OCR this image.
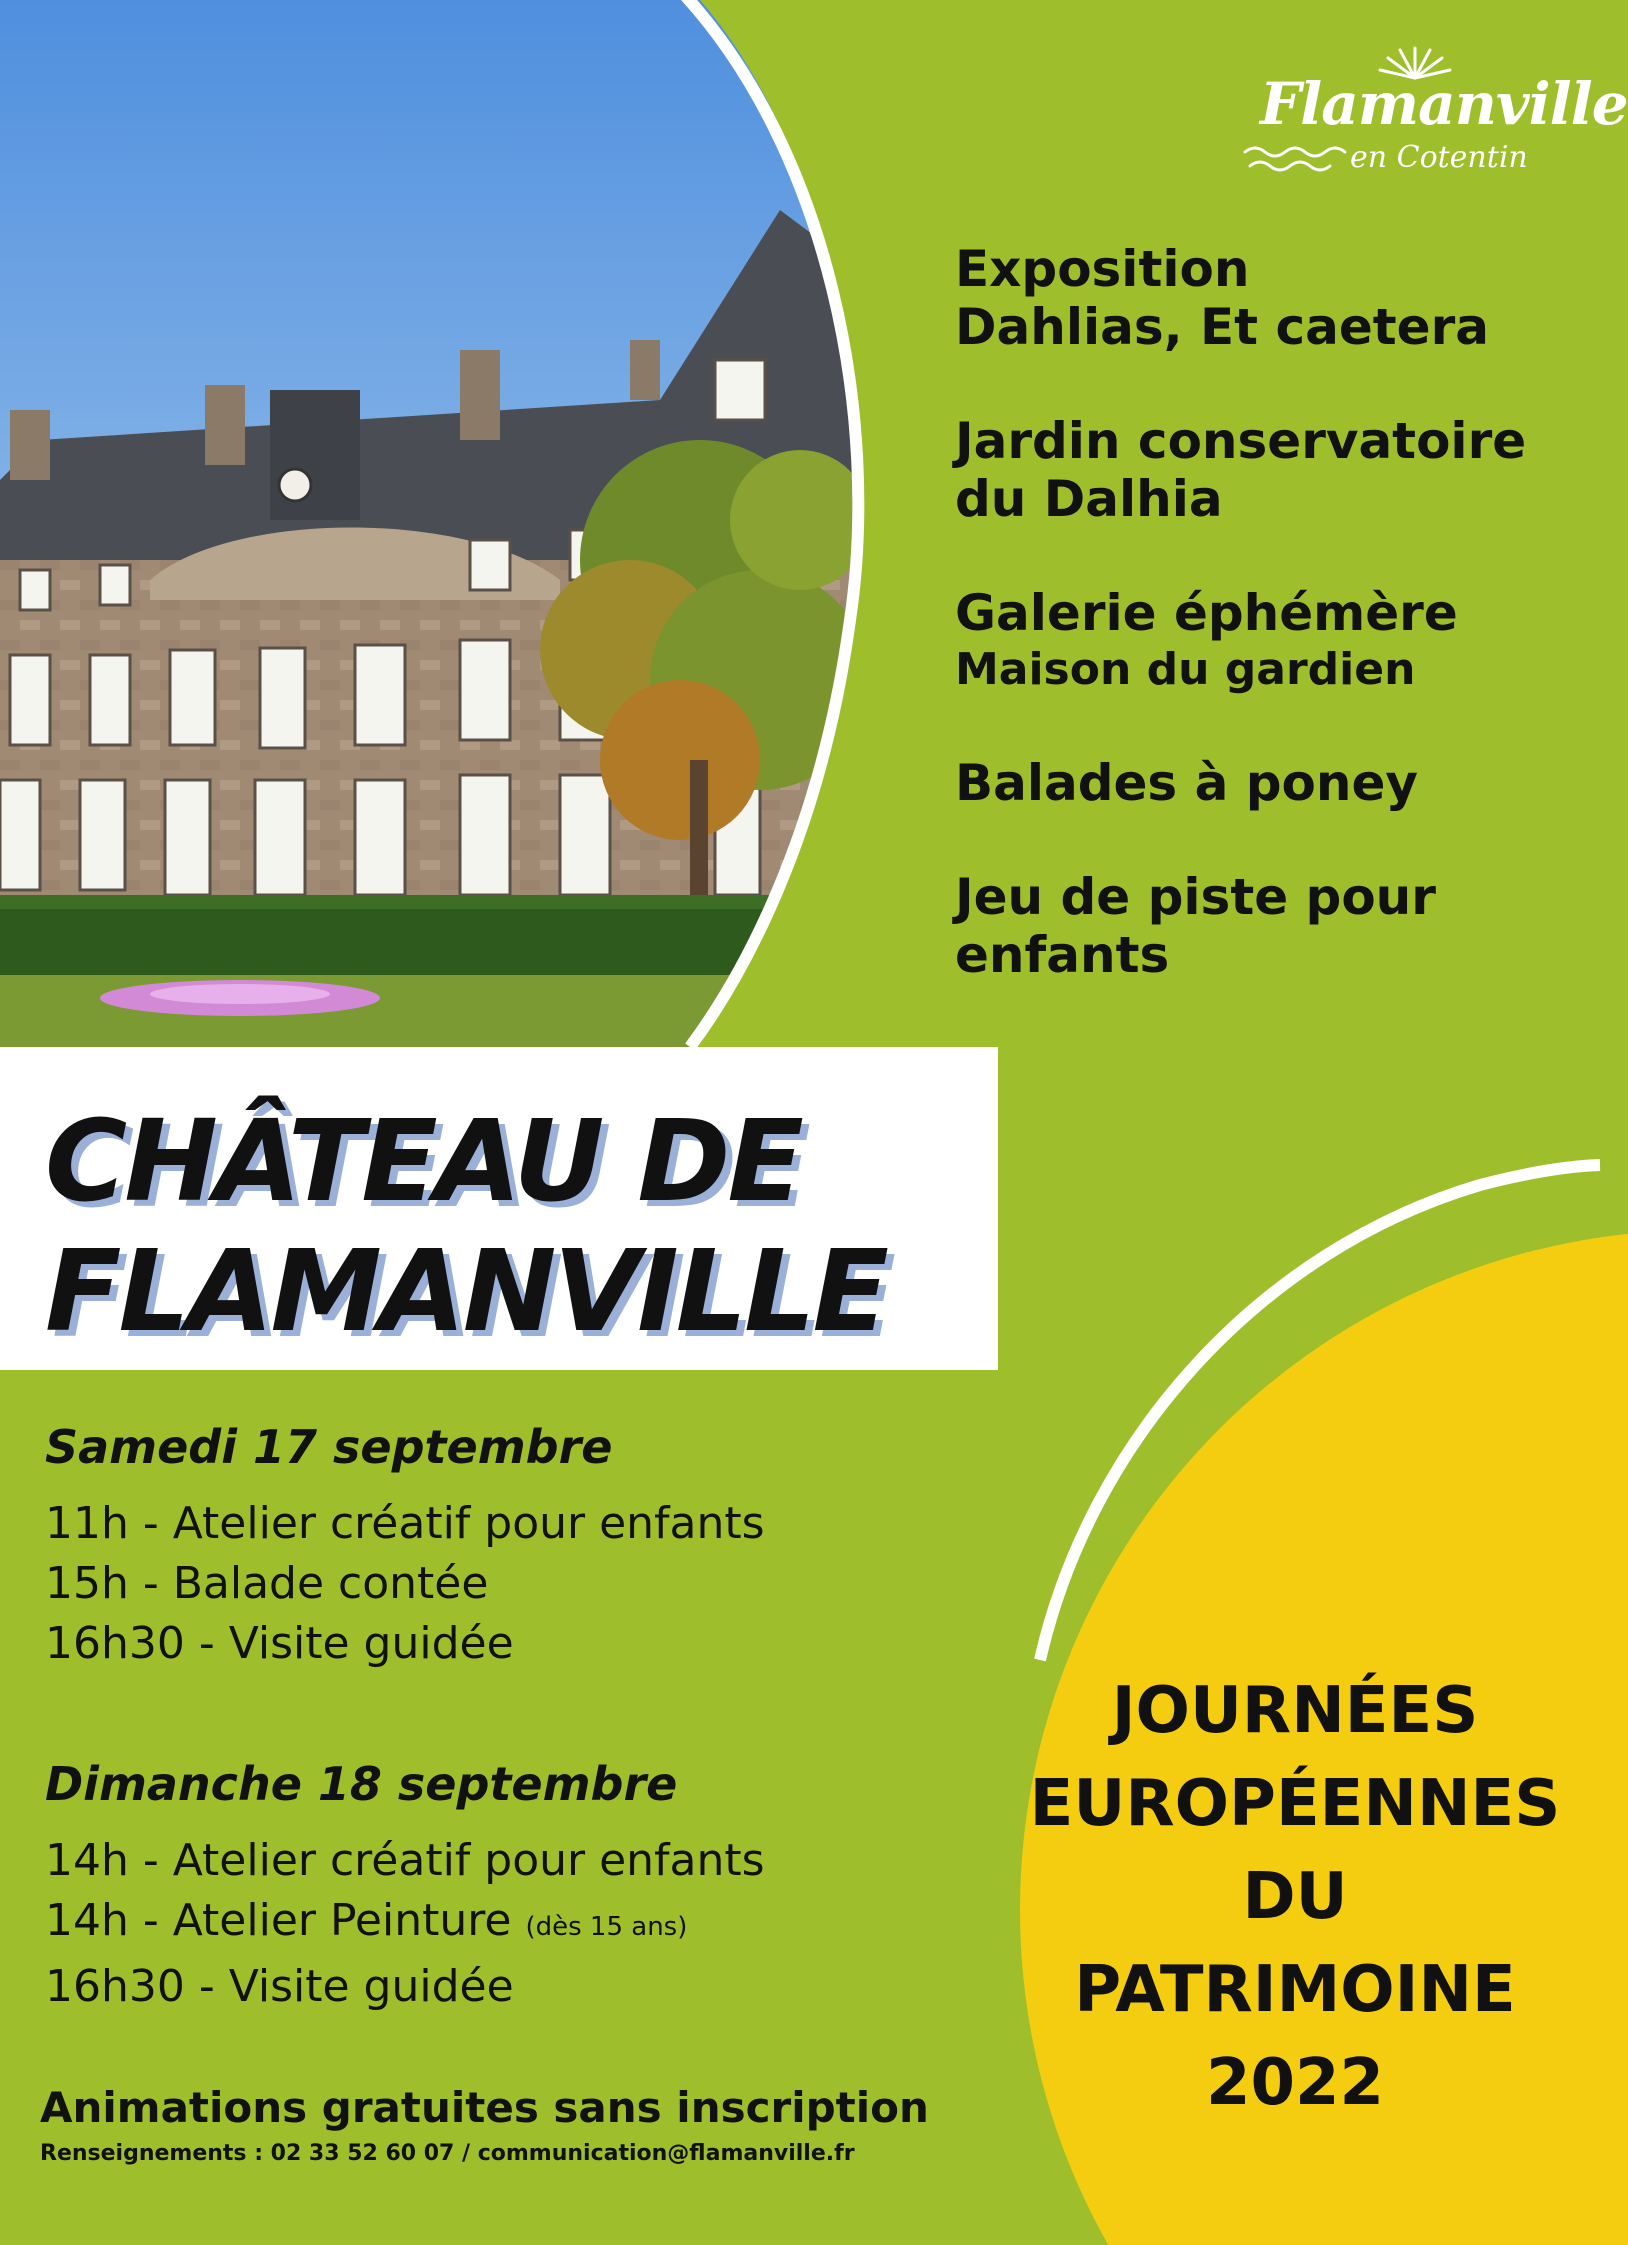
Flamanville
en Cotentin
Exposition
Dahlias, Et caetera
Jardin conservatoire
du Dalhia
Galerie éphémère
Maison du gardien
Balades à poney
Jeu de piste pour
enfants
CHÂTEAU DE
FLAMANVILLE
Samedi 17 septembre
11h - Atelier créatif pour enfants
15h - Balade contée
16h30 - Visite guidée
Dimanche 18 septembre
14h - Atelier créatif pour enfants
14h - Atelier Peinture (dès 15 ans)
16h30 - Visite guidée
Animations gratuites sans inscription
Renseignements : 02 33 52 60 07 / communication@flamanville.fr
JOURNÉES
EUROPÉENNES
DU
PATRIMOINE
2022
